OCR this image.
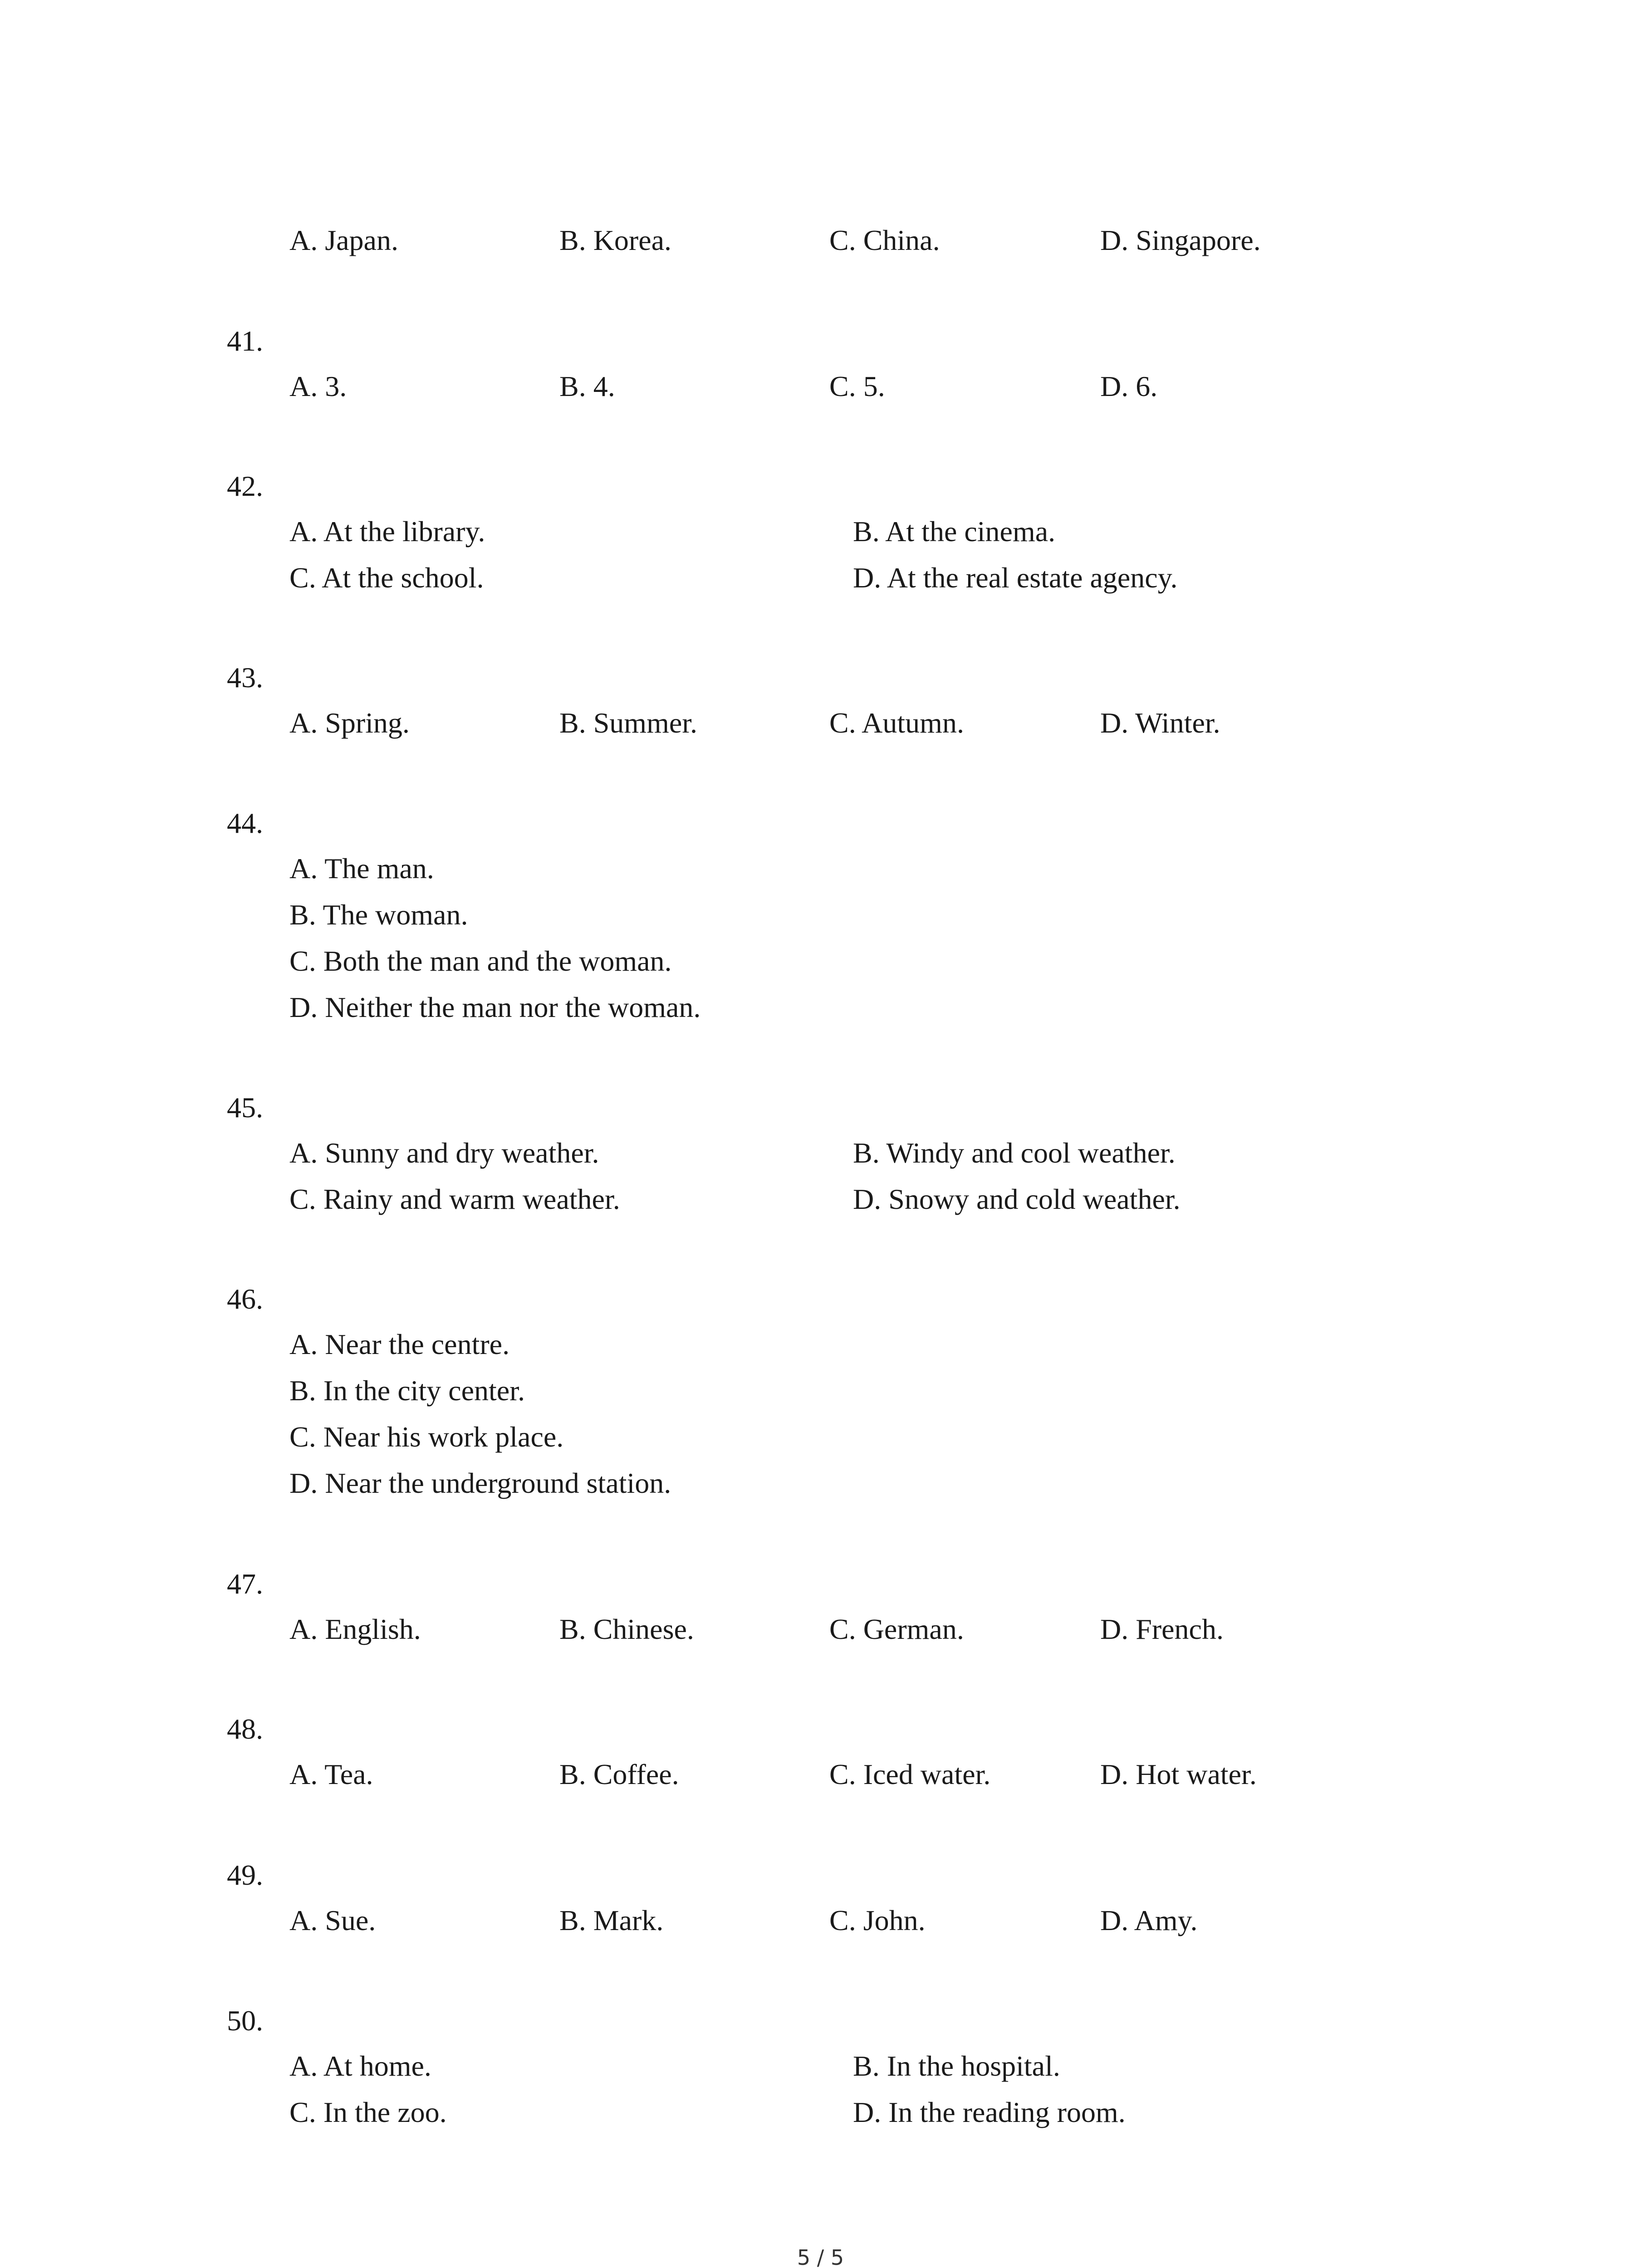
A. Japan.	B. Korea.	C. China.	D. Singapore.
41.
A. 3.	B. 4.	C. 5.	D. 6.
42.
A. At the library.	B. At the cinema.
C. At the school.	D. At the real estate agency.
43.
A. Spring.	B. Summer.	C. Autumn.	D. Winter.
44.
A. The man.
B. The woman.
C. Both the man and the woman.
D. Neither the man nor the woman.
45.
A. Sunny and dry weather.	B. Windy and cool weather.
C. Rainy and warm weather.	D. Snowy and cold weather.
46.
A. Near the centre.
B. In the city center.
C. Near his work place.
D. Near the underground station.
47.
A. English.	B. Chinese.	C. German.	D. French.
48.
A. Tea.	B. Coffee.	C. Iced water.	D. Hot water.
49.
A. Sue.	B. Mark.	C. John.	D. Amy.
50.
A. At home.	B. In the hospital.
C. In the zoo.	D. In the reading room.
5 / 5
